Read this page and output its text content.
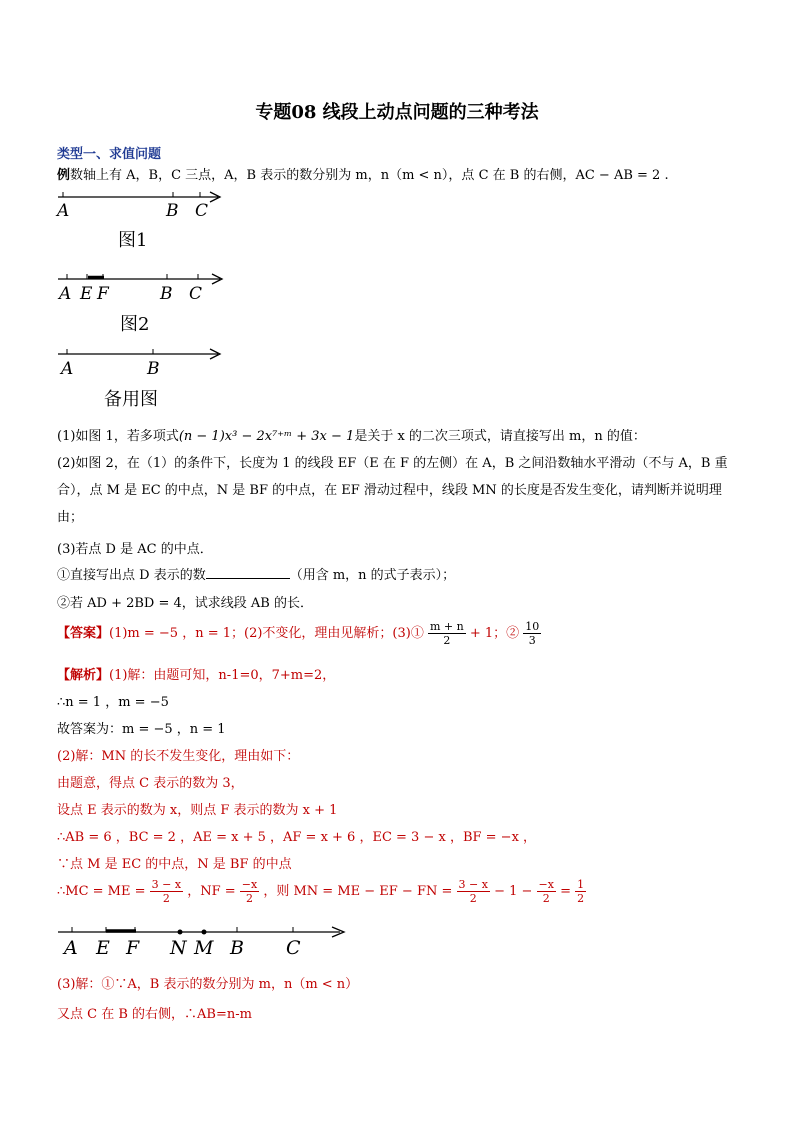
专题08 线段上动点问题的三种考法
类型一、求值问题
例数轴上有 A，B，C 三点，A，B 表示的数分别为 m，n（m < n），点 C 在 B 的右侧，AC − AB = 2 .
A	B C
图1
A E F	B C
图2
A	B
备用图
(1)如图 1，若多项式(n − 1)x³ − 2x⁷⁺ᵐ + 3x − 1是关于 x 的二次三项式，请直接写出 m，n 的值：
(2)如图 2，在（1）的条件下，长度为 1 的线段 EF（E 在 F 的左侧）在 A，B 之间沿数轴水平滑动（不与 A，B 重合），点 M 是 EC 的中点，N 是 BF 的中点，在 EF 滑动过程中，线段 MN 的长度是否发生变化，请判断并说明理由；
(3)若点 D 是 AC 的中点．
①直接写出点 D 表示的数	（用含 m，n 的式子表示）；
②若 AD + 2BD = 4，试求线段 AB 的长．
【答案】(1)m = −5 ，n = 1；(2)不变化，理由见解析；(3)① $\frac{m + n}{2} + 1$；② $\frac{10}{3}$
【解析】(1)解：由题可知，n-1=0，7+m=2，
∴n = 1 ，m = −5
故答案为：m = −5 ，n = 1
(2)解：MN 的长不发生变化，理由如下：
由题意，得点 C 表示的数为 3，
设点 E 表示的数为 x，则点 F 表示的数为 x + 1
∴AB = 6 ，BC = 2 ，AE = x + 5 ，AF = x + 6 ，EC = 3 − x ，BF = −x ，
∵点 M 是 EC 的中点，N 是 BF 的中点
∴MC = ME = $\frac{3 - x}{2}$ ，NF = $\frac{-x}{2}$ ，则 MN = ME − EF − FN = $\frac{3 - x}{2} - 1 - \frac{-x}{2} = \frac{1}{2}$
A E F N M B C
(3)解：①∵A，B 表示的数分别为 m，n（m < n）
又点 C 在 B 的右侧，∴AB=n-m
